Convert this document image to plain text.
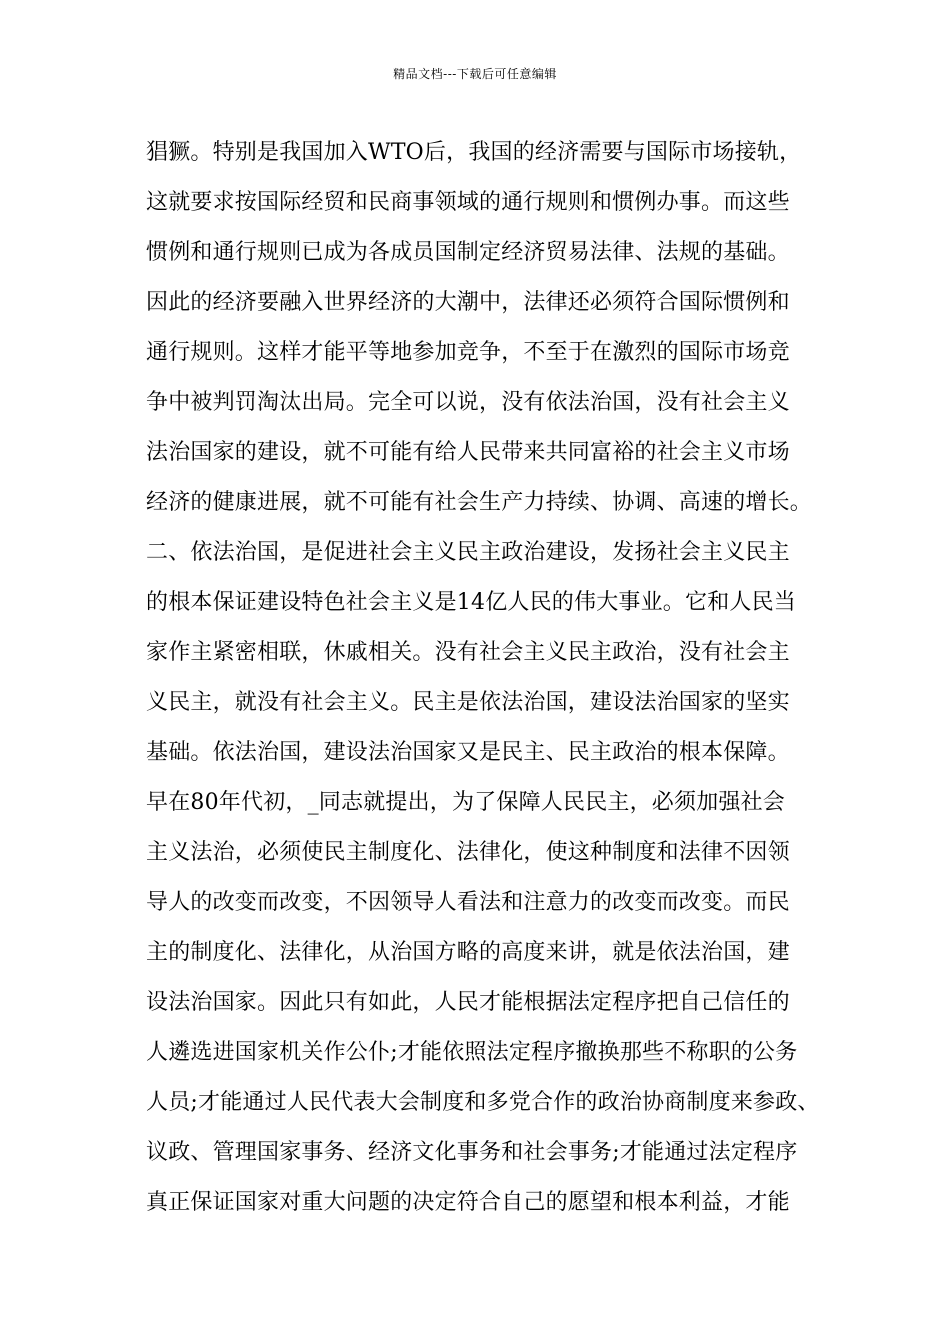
精品文档---下载后可任意编辑
猖獗。特别是我国加入WTO后，我国的经济需要与国际市场接轨，
这就要求按国际经贸和民商事领域的通行规则和惯例办事。而这些
惯例和通行规则已成为各成员国制定经济贸易法律、法规的基础。
因此的经济要融入世界经济的大潮中，法律还必须符合国际惯例和
通行规则。这样才能平等地参加竞争，不至于在激烈的国际市场竞
争中被判罚淘汰出局。完全可以说，没有依法治国，没有社会主义
法治国家的建设，就不可能有给人民带来共同富裕的社会主义市场
经济的健康进展，就不可能有社会生产力持续、协调、高速的增长。
二、依法治国，是促进社会主义民主政治建设，发扬社会主义民主
的根本保证建设特色社会主义是14亿人民的伟大事业。它和人民当
家作主紧密相联，休戚相关。没有社会主义民主政治，没有社会主
义民主，就没有社会主义。民主是依法治国，建设法治国家的坚实
基础。依法治国，建设法治国家又是民主、民主政治的根本保障。
早在80年代初，_同志就提出，为了保障人民民主，必须加强社会
主义法治，必须使民主制度化、法律化，使这种制度和法律不因领
导人的改变而改变，不因领导人看法和注意力的改变而改变。而民
主的制度化、法律化，从治国方略的高度来讲，就是依法治国，建
设法治国家。因此只有如此，人民才能根据法定程序把自己信任的
人遴选进国家机关作公仆;才能依照法定程序撤换那些不称职的公务
人员;才能通过人民代表大会制度和多党合作的政治协商制度来参政、
议政、管理国家事务、经济文化事务和社会事务;才能通过法定程序
真正保证国家对重大问题的决定符合自己的愿望和根本利益，才能
